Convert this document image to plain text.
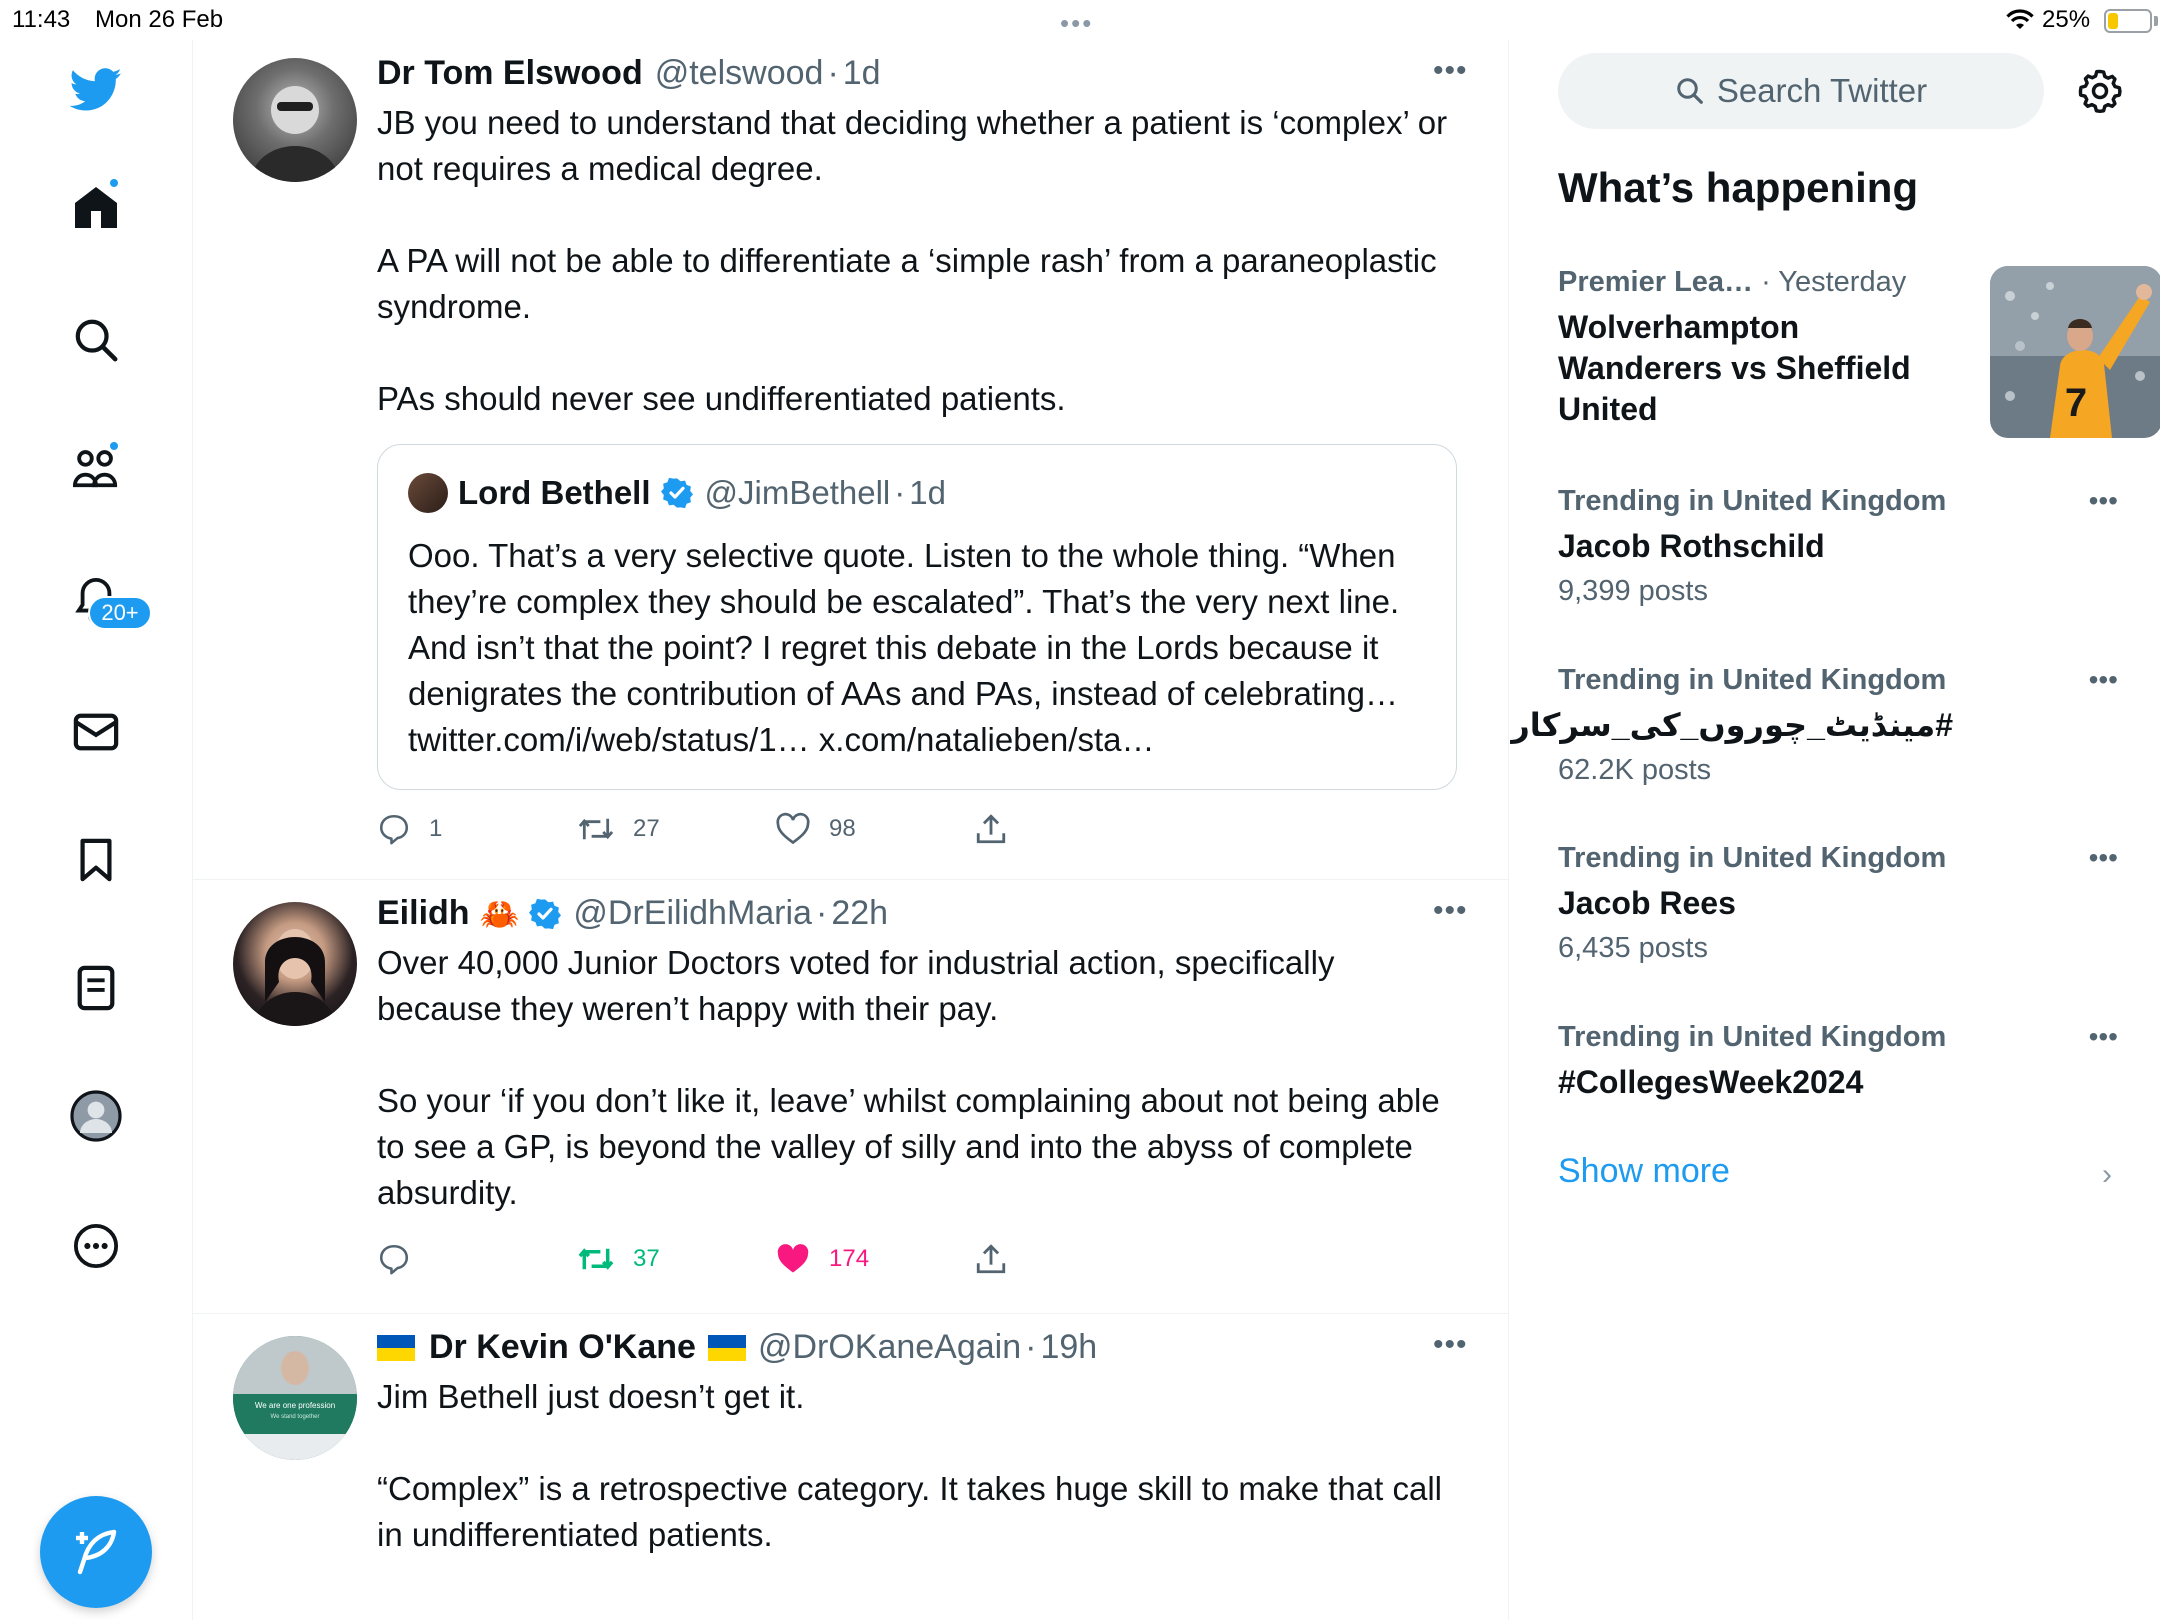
11:43 Mon 26 Feb	•••	25%
20+
Dr Tom Elswood @telswood · 1d	•••

JB you need to understand that deciding whether a patient is ‘complex’ or not requires a medical degree.

A PA will not be able to differentiate a ‘simple rash’ from a paraneoplastic syndrome.

PAs should never see undifferentiated patients.

Lord Bethell @JimBethell · 1d
Ooo. That’s a very selective quote. Listen to the whole thing. “When they’re complex they should be escalated”. That’s the very next line. And isn’t that the point? I regret this debate in the Lords because it denigrates the contribution of AAs and PAs, instead of celebrating… twitter.com/i/web/status/1… x.com/natalieben/sta…
1	27	98
Eilidh 🦀 @DrEilidhMaria · 22h	•••

Over 40,000 Junior Doctors voted for industrial action, specifically because they weren’t happy with their pay.

So your ‘if you don’t like it, leave’ whilst complaining about not being able to see a GP, is beyond the valley of silly and into the abyss of complete absurdity.

37	174
We are one profession
We stand together
Dr Kevin O'Kane @DrOKaneAgain · 19h	•••

Jim Bethell just doesn’t get it.

“Complex” is a retrospective category. It takes huge skill to make that call in undifferentiated patients.

Search Twitter
What’s happening
Premier Lea… · Yesterday
Wolverhampton Wanderers vs Sheffield United	7
Trending in United Kingdom
Jacob Rothschild
9,399 posts
•••
Trending in United Kingdom
#مینڈیٹ_چوروں_کی_سرکار
62.2K posts
•••
Trending in United Kingdom
Jacob Rees
6,435 posts
•••
Trending in United Kingdom
#CollegesWeek2024
•••
Show more	›
